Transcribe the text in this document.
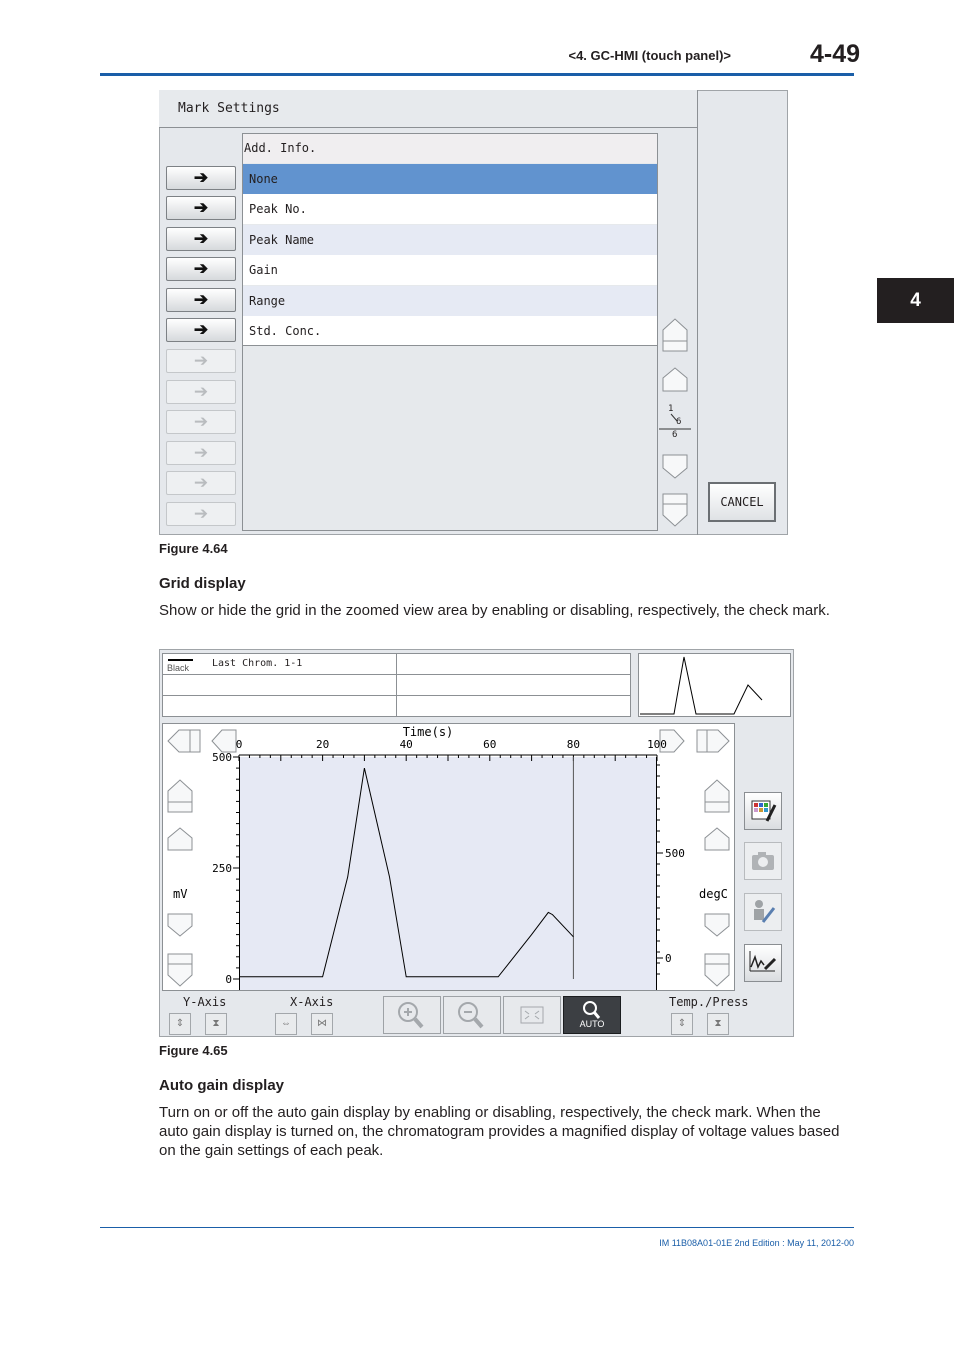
<4. GC-HMI (touch panel)>	4-49
4
Mark Settings
Add. Info.
None
Peak No.
Peak Name
Gain
Range
Std. Conc.
➔
➔
➔
➔
➔
➔
➔
➔
➔
➔
➔
➔
1
6
6
CANCEL
Figure 4.64
Grid display
Show or hide the grid in the zoomed view area by enabling or disabling, respectively, the check mark.
Black Last Chrom. 1-1
0	20	40	60	80	100
Time(s)
0
250
500
mV
0
500
degC
Y-Axis	X-Axis	Temp./Press
⇕	⧗	⇔	⋈	⇕	⧗
AUTO
Figure 4.65
Auto gain display
Turn on or off the auto gain display by enabling or disabling, respectively, the check mark. When the auto gain display is turned on, the chromatogram provides a magnified display of voltage values based on the gain settings of each peak.
IM 11B08A01-01E 2nd Edition : May 11, 2012-00
